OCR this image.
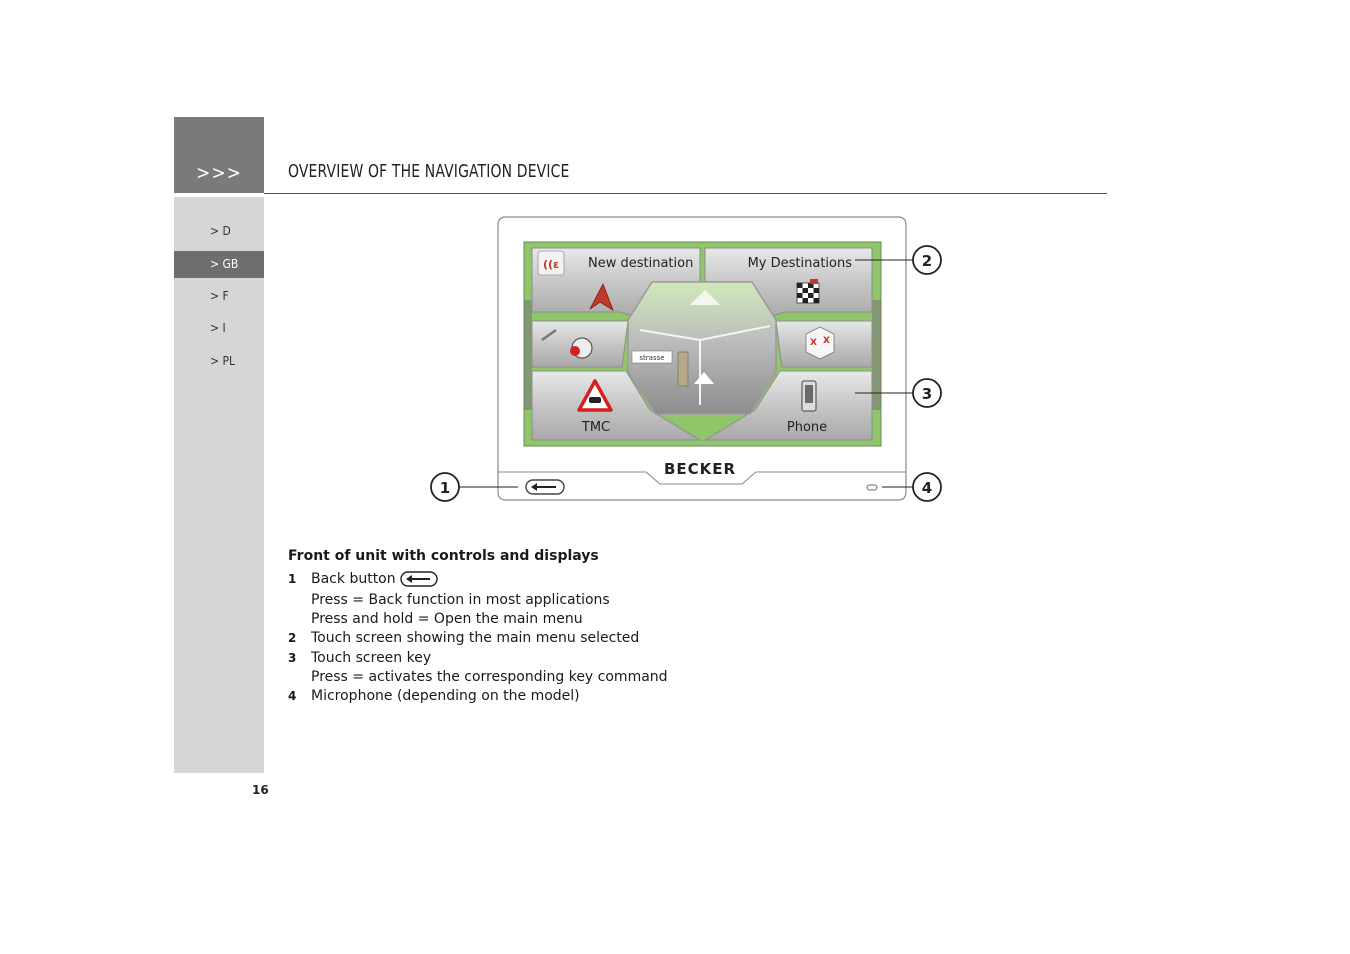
>>>	OVERVIEW OF THE NAVIGATION DEVICE
> D
> GB
> F
> I
> PL
((ɛ
X X
BECKER
1
2
3
4
New destination	My Destinations
TMC	Phone
strasse
Front of unit with controls and displays
1 Back button
Press = Back function in most applications
Press and hold = Open the main menu
2 Touch screen showing the main menu selected
3 Touch screen key
Press = activates the corresponding key command
4 Microphone (depending on the model)
16
